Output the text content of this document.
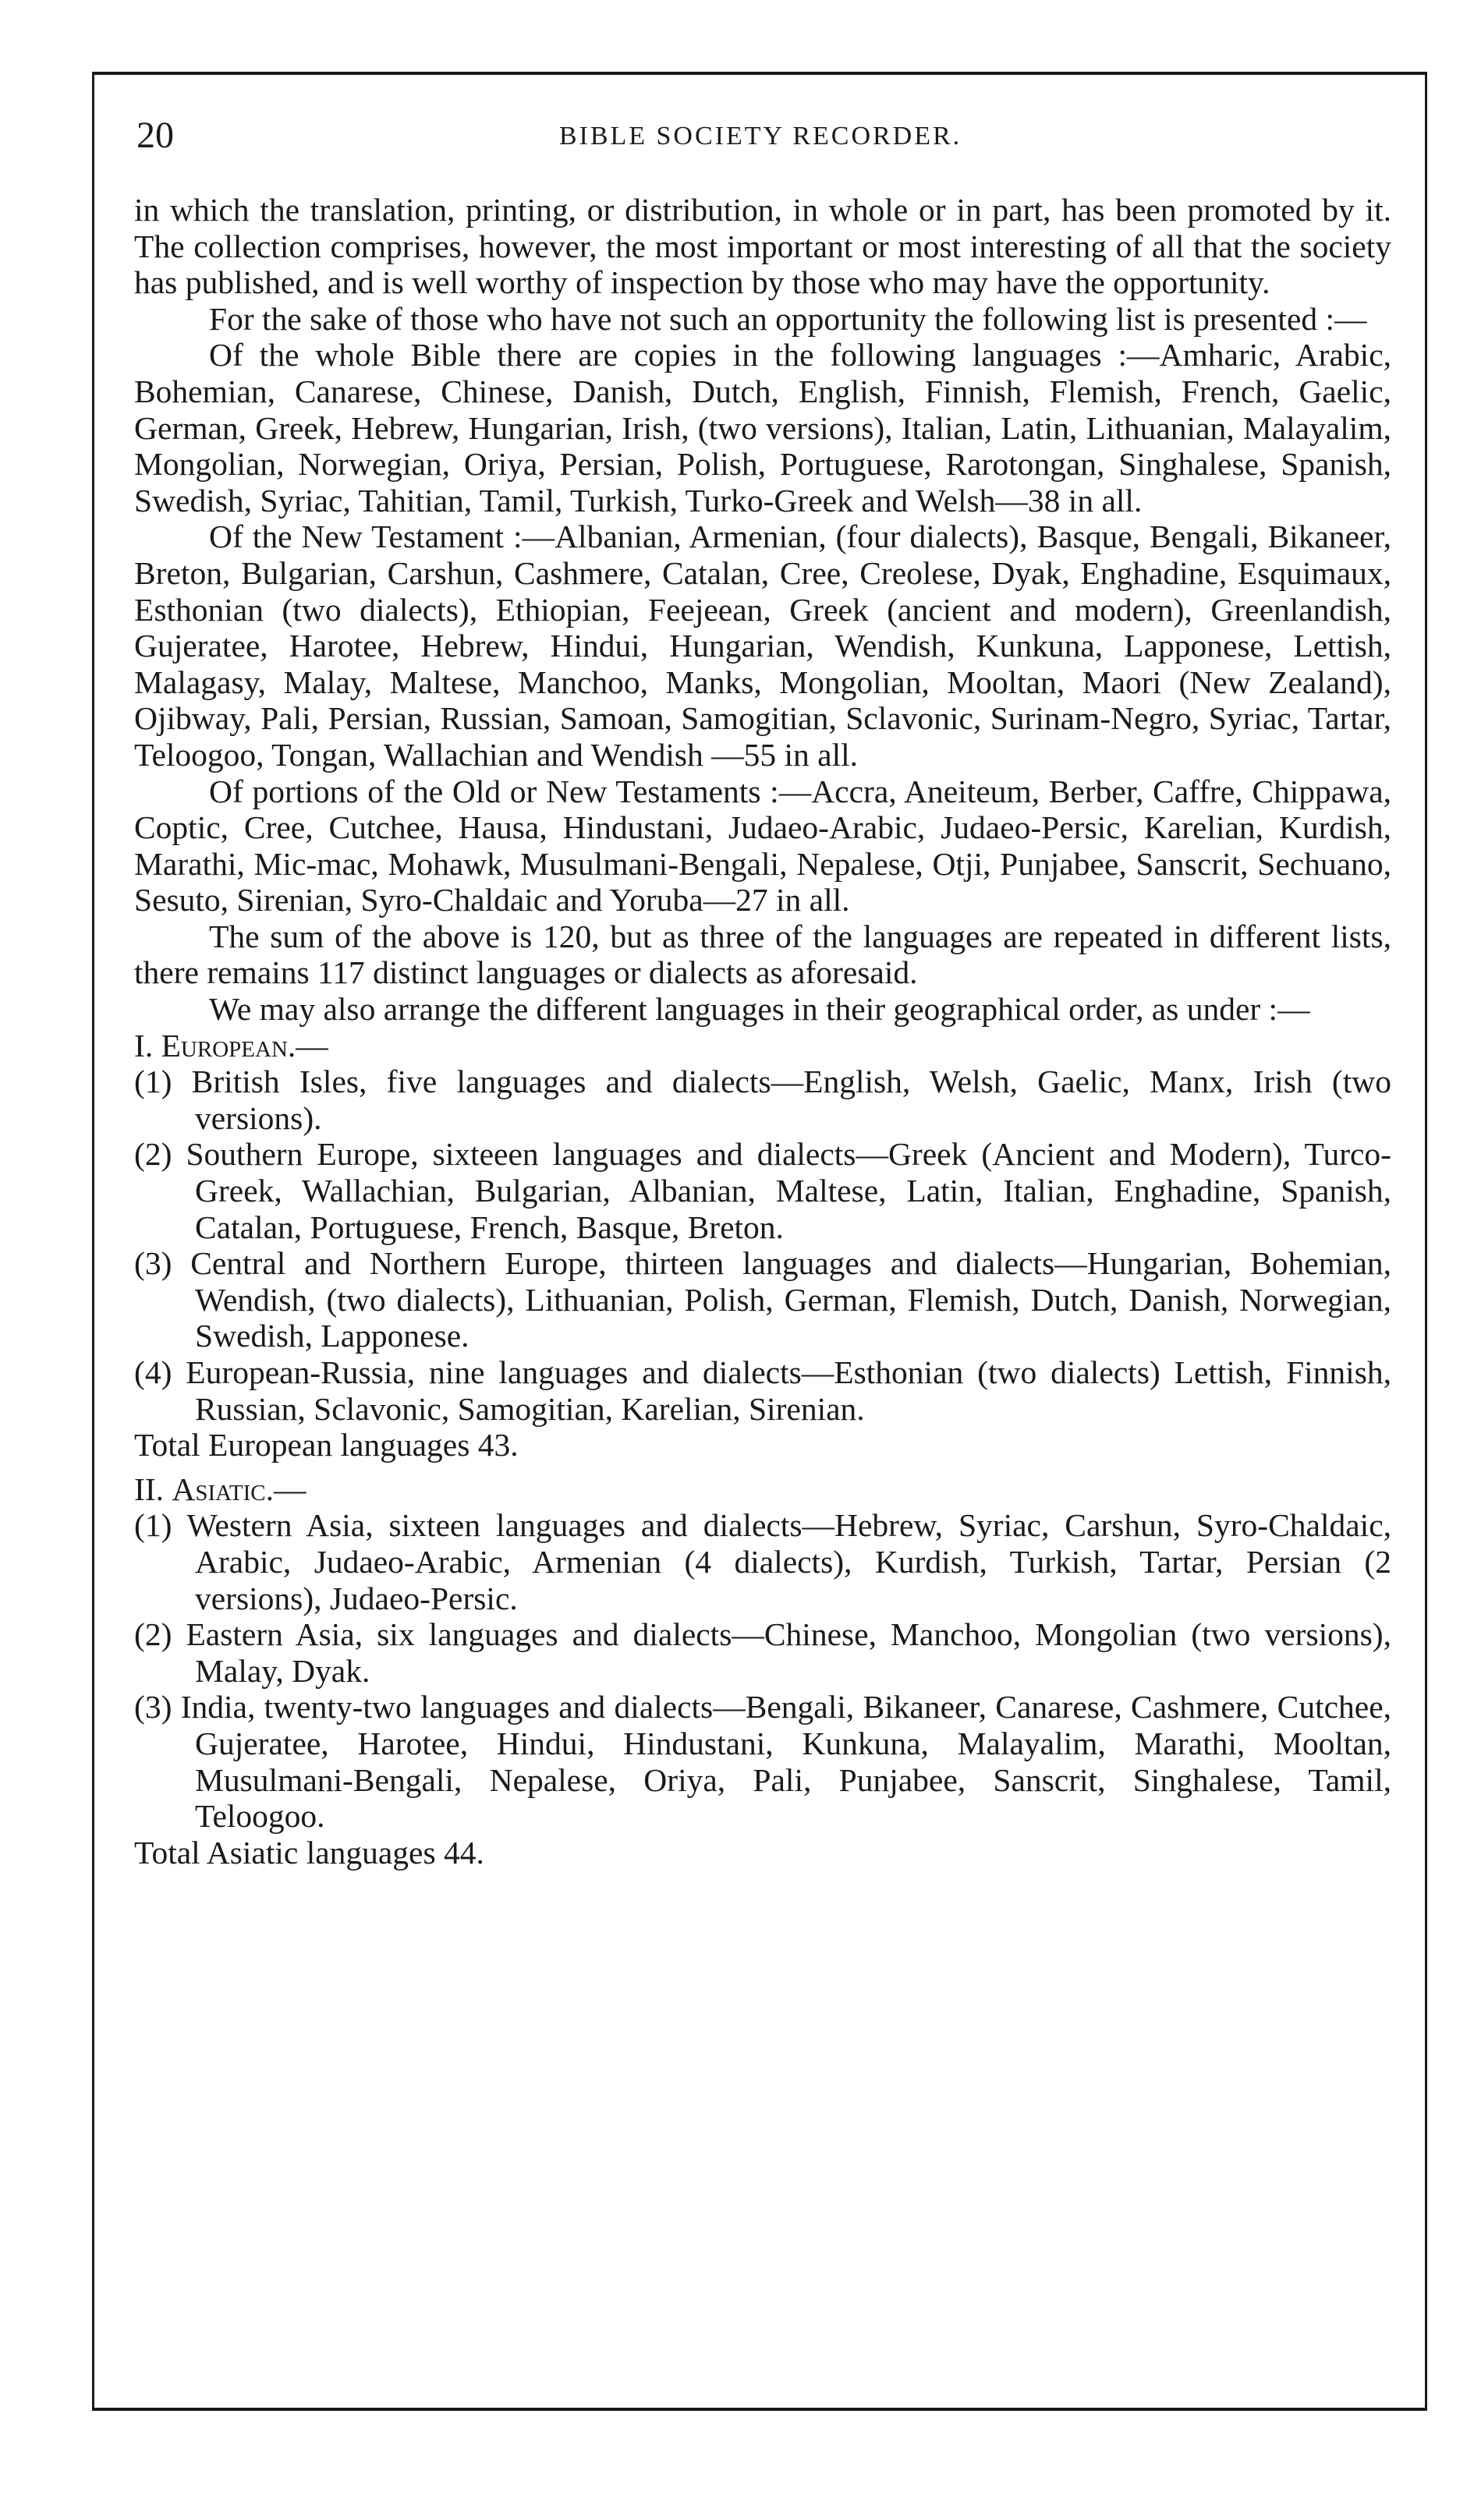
20	BIBLE SOCIETY RECORDER.

in which the translation, printing, or distribution, in whole or in part, has been promoted by it. The collection comprises, however, the most important or most interesting of all that the society has published, and is well worthy of inspection by those who may have the opportunity.

For the sake of those who have not such an opportunity the following list is presented :—

Of the whole Bible there are copies in the following languages :—Amharic, Arabic, Bohemian, Canarese, Chinese, Danish, Dutch, English, Finnish, Flemish, French, Gaelic, German, Greek, Hebrew, Hungarian, Irish, (two versions), Italian, Latin, Lithuanian, Malayalim, Mongolian, Norwegian, Oriya, Persian, Polish, Portuguese, Rarotongan, Singhalese, Spanish, Swedish, Syriac, Tahitian, Tamil, Turkish, Turko-Greek and Welsh—38 in all.

Of the New Testament :—Albanian, Armenian, (four dialects), Basque, Bengali, Bikaneer, Breton, Bulgarian, Carshun, Cashmere, Catalan, Cree, Creolese, Dyak, Enghadine, Esquimaux, Esthonian (two dialects), Ethiopian, Feejeean, Greek (ancient and modern), Greenlandish, Gujeratee, Harotee, Hebrew, Hindui, Hungarian, Wendish, Kunkuna, Lapponese, Lettish, Malagasy, Malay, Maltese, Manchoo, Manks, Mongolian, Mooltan, Maori (New Zealand), Ojibway, Pali, Persian, Russian, Samoan, Samogitian, Sclavonic, Surinam-Negro, Syriac, Tartar, Teloogoo, Tongan, Wallachian and Wendish —55 in all.

Of portions of the Old or New Testaments :—Accra, Aneiteum, Berber, Caffre, Chippawa, Coptic, Cree, Cutchee, Hausa, Hindustani, Judaeo-Arabic, Judaeo-Persic, Karelian, Kurdish, Marathi, Mic-mac, Mohawk, Musulmani-Bengali, Nepalese, Otji, Punjabee, Sanscrit, Sechuano, Sesuto, Sirenian, Syro-Chaldaic and Yoruba—27 in all.

The sum of the above is 120, but as three of the languages are repeated in different lists, there remains 117 distinct languages or dialects as aforesaid.

We may also arrange the different languages in their geographical order, as under :—

I. European.—

(1) British Isles, five languages and dialects—English, Welsh, Gaelic, Manx, Irish (two versions).

(2) Southern Europe, sixteeen languages and dialects—Greek (Ancient and Modern), Turco-Greek, Wallachian, Bulgarian, Albanian, Maltese, Latin, Italian, Enghadine, Spanish, Catalan, Portuguese, French, Basque, Breton.

(3) Central and Northern Europe, thirteen languages and dialects—Hungarian, Bohemian, Wendish, (two dialects), Lithuanian, Polish, German, Flemish, Dutch, Danish, Norwegian, Swedish, Lapponese.

(4) European-Russia, nine languages and dialects—Esthonian (two dialects) Lettish, Finnish, Russian, Sclavonic, Samogitian, Karelian, Sirenian.

Total European languages 43.

II. Asiatic.—

(1) Western Asia, sixteen languages and dialects—Hebrew, Syriac, Carshun, Syro-Chaldaic, Arabic, Judaeo-Arabic, Armenian (4 dialects), Kurdish, Turkish, Tartar, Persian (2 versions), Judaeo-Persic.

(2) Eastern Asia, six languages and dialects—Chinese, Manchoo, Mongolian (two versions), Malay, Dyak.

(3) India, twenty-two languages and dialects—Bengali, Bikaneer, Canarese, Cashmere, Cutchee, Gujeratee, Harotee, Hindui, Hindustani, Kunkuna, Malayalim, Marathi, Mooltan, Musulmani-Bengali, Nepalese, Oriya, Pali, Punjabee, Sanscrit, Singhalese, Tamil, Teloogoo.

Total Asiatic languages 44.
